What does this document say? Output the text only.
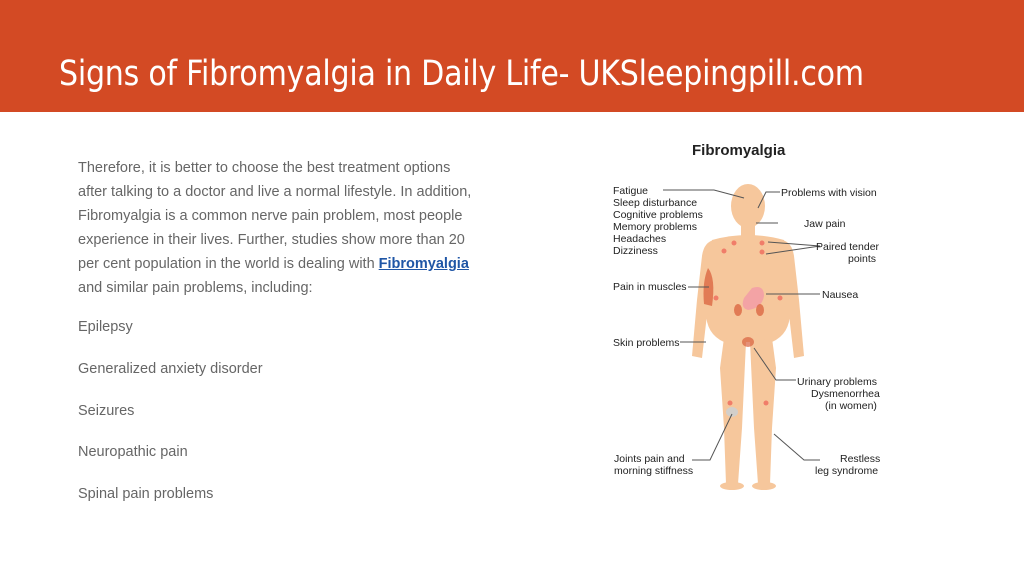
Signs of Fibromyalgia in Daily Life- UKSleepingpill.com

Therefore, it is better to choose the best treatment options after talking to a doctor and live a normal lifestyle. In addition, Fibromyalgia is a common nerve pain problem, most people experience in their lives. Further, studies show more than 20 per cent population in the world is dealing with Fibromyalgia and similar pain problems, including:

Epilepsy
Generalized anxiety disorder
Seizures
Neuropathic pain
Spinal pain problems
Fibromyalgia
Fatigue
Sleep disturbance
Cognitive problems
Memory problems
Headaches
Dizziness
Pain in muscles
Skin problems
Joints pain and
morning stiffness
Problems with vision
Jaw pain
Paired tender
points
Nausea
Urinary problems
Dysmenorrhea
(in women)
Restless
leg syndrome
